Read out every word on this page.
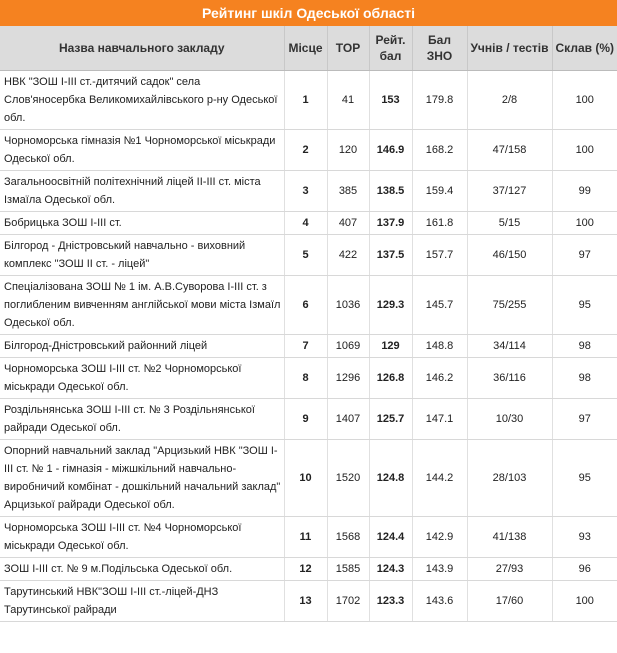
Рейтинг шкіл Одеської області
Назва навчального закладу	Місце	TOP	Рейт. бал	Бал ЗНО	Учнів / тестів	Склав (%)
НВК "ЗОШ І-ІІІ ст.-дитячий садок" села Слов'яносербка Великомихайлівського р-ну Одеської обл.	1	41	153	179.8	2/8	100
Чорноморська гімназія №1 Чорноморської міськради Одеської обл.	2	120	146.9	168.2	47/158	100
Загальноосвітній політехнічний ліцей ІІ-ІІІ ст. міста Ізмаїла Одеської обл.	3	385	138.5	159.4	37/127	99
Бобрицька ЗОШ І-ІІІ ст.	4	407	137.9	161.8	5/15	100
Білгород - Дністровський навчально - виховний комплекс "ЗОШ ІІ ст. - ліцей"	5	422	137.5	157.7	46/150	97
Спеціалізована ЗОШ № 1 ім. А.В.Суворова І-ІІІ ст. з поглибленим вивченням англійської мови міста Ізмаїл Одеської обл.	6	1036	129.3	145.7	75/255	95
Білгород-Дністровський районний ліцей	7	1069	129	148.8	34/114	98
Чорноморська ЗОШ І-ІІІ ст. №2 Чорноморської міськради Одеської обл.	8	1296	126.8	146.2	36/116	98
Роздільнянська ЗОШ І-ІІІ ст. № 3 Роздільнянської райради Одеської обл.	9	1407	125.7	147.1	10/30	97
Опорний навчальний заклад "Арцизький НВК "ЗОШ І-ІІІ ст. № 1 - гімназія - міжшкільний навчально-виробничий комбінат - дошкільний начальний заклад" Арцизької райради Одеської обл.	10	1520	124.8	144.2	28/103	95
Чорноморська ЗОШ І-ІІІ ст. №4 Чорноморської міськради Одеської обл.	11	1568	124.4	142.9	41/138	93
ЗОШ І-ІІІ ст. № 9 м.Подільська Одеської обл.	12	1585	124.3	143.9	27/93	96
Тарутинський НВК"ЗОШ І-ІІІ ст.-ліцей-ДНЗ Тарутинської райради	13	1702	123.3	143.6	17/60	100
